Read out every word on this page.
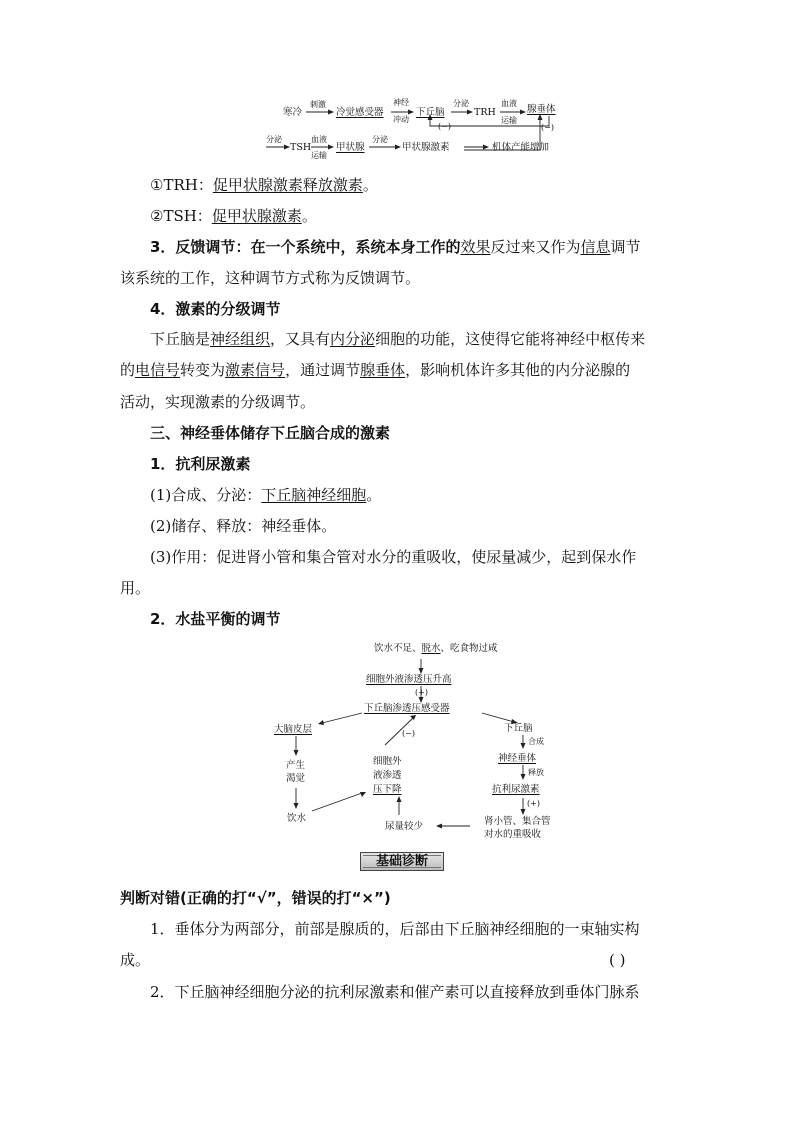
寒冷
刺激
冷觉感受器
神经
冲动
下丘脑
分泌
TRH
血液
运输
腺垂体
(−)	(−)
分泌
TSH
血液
运输
甲状腺
分泌
甲状腺激素	机体产能增加
①TRH：促甲状腺激素释放激素。
②TSH：促甲状腺激素。
3．反馈调节：在一个系统中，系统本身工作的效果反过来又作为信息调节
该系统的工作，这种调节方式称为反馈调节。
4．激素的分级调节
下丘脑是神经组织，又具有内分泌细胞的功能，这使得它能将神经中枢传来
的电信号转变为激素信号，通过调节腺垂体，影响机体许多其他的内分泌腺的
活动，实现激素的分级调节。
三、神经垂体储存下丘脑合成的激素
1．抗利尿激素
(1)合成、分泌：下丘脑神经细胞。
(2)储存、释放：神经垂体。
(3)作用：促进肾小管和集合管对水分的重吸收，使尿量减少，起到保水作
用。
2．水盐平衡的调节
饮水不足、脱水、吃食物过咸
细胞外液渗透压升高
(+)
下丘脑渗透压感受器
大脑皮层
产生
渴觉
饮水
(−)
细胞外
液渗透
压下降
下丘脑
合成
神经垂体
释放
抗利尿激素
(+)
肾小管、集合管
对水的重吸收
尿量较少
基础诊断
判断对错(正确的打“√”，错误的打“×”)
1．垂体分为两部分，前部是腺质的，后部由下丘脑神经细胞的一束轴实构
成。	( )
2．下丘脑神经细胞分泌的抗利尿激素和催产素可以直接释放到垂体门脉系
